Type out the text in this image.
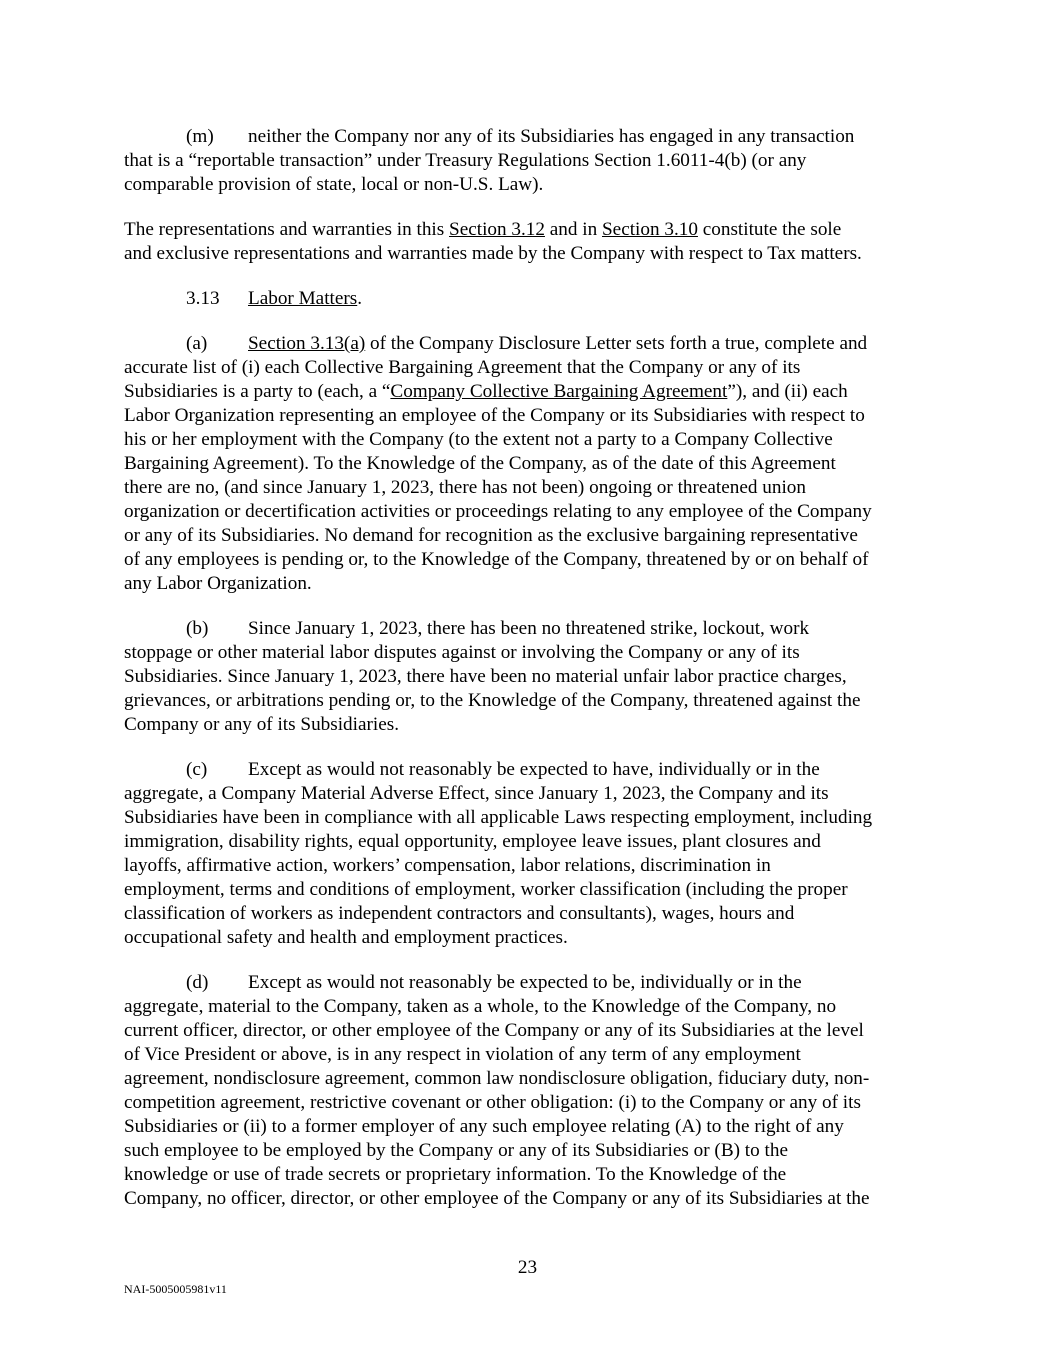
(m) neither the Company nor any of its Subsidiaries has engaged in any transaction
that is a “reportable transaction” under Treasury Regulations Section 1.6011-4(b) (or any
comparable provision of state, local or non-U.S. Law).

The representations and warranties in this Section 3.12 and in Section 3.10 constitute the sole
and exclusive representations and warranties made by the Company with respect to Tax matters.

3.13 Labor Matters.

(a) Section 3.13(a) of the Company Disclosure Letter sets forth a true, complete and
accurate list of (i) each Collective Bargaining Agreement that the Company or any of its
Subsidiaries is a party to (each, a “Company Collective Bargaining Agreement”), and (ii) each
Labor Organization representing an employee of the Company or its Subsidiaries with respect to
his or her employment with the Company (to the extent not a party to a Company Collective
Bargaining Agreement). To the Knowledge of the Company, as of the date of this Agreement
there are no, (and since January 1, 2023, there has not been) ongoing or threatened union
organization or decertification activities or proceedings relating to any employee of the Company
or any of its Subsidiaries. No demand for recognition as the exclusive bargaining representative
of any employees is pending or, to the Knowledge of the Company, threatened by or on behalf of
any Labor Organization.

(b) Since January 1, 2023, there has been no threatened strike, lockout, work
stoppage or other material labor disputes against or involving the Company or any of its
Subsidiaries. Since January 1, 2023, there have been no material unfair labor practice charges,
grievances, or arbitrations pending or, to the Knowledge of the Company, threatened against the
Company or any of its Subsidiaries.

(c) Except as would not reasonably be expected to have, individually or in the
aggregate, a Company Material Adverse Effect, since January 1, 2023, the Company and its
Subsidiaries have been in compliance with all applicable Laws respecting employment, including
immigration, disability rights, equal opportunity, employee leave issues, plant closures and
layoffs, affirmative action, workers’ compensation, labor relations, discrimination in
employment, terms and conditions of employment, worker classification (including the proper
classification of workers as independent contractors and consultants), wages, hours and
occupational safety and health and employment practices.

(d) Except as would not reasonably be expected to be, individually or in the
aggregate, material to the Company, taken as a whole, to the Knowledge of the Company, no
current officer, director, or other employee of the Company or any of its Subsidiaries at the level
of Vice President or above, is in any respect in violation of any term of any employment
agreement, nondisclosure agreement, common law nondisclosure obligation, fiduciary duty, non-
competition agreement, restrictive covenant or other obligation: (i) to the Company or any of its
Subsidiaries or (ii) to a former employer of any such employee relating (A) to the right of any
such employee to be employed by the Company or any of its Subsidiaries or (B) to the
knowledge or use of trade secrets or proprietary information. To the Knowledge of the
Company, no officer, director, or other employee of the Company or any of its Subsidiaries at the

23
NAI-5005005981v11
